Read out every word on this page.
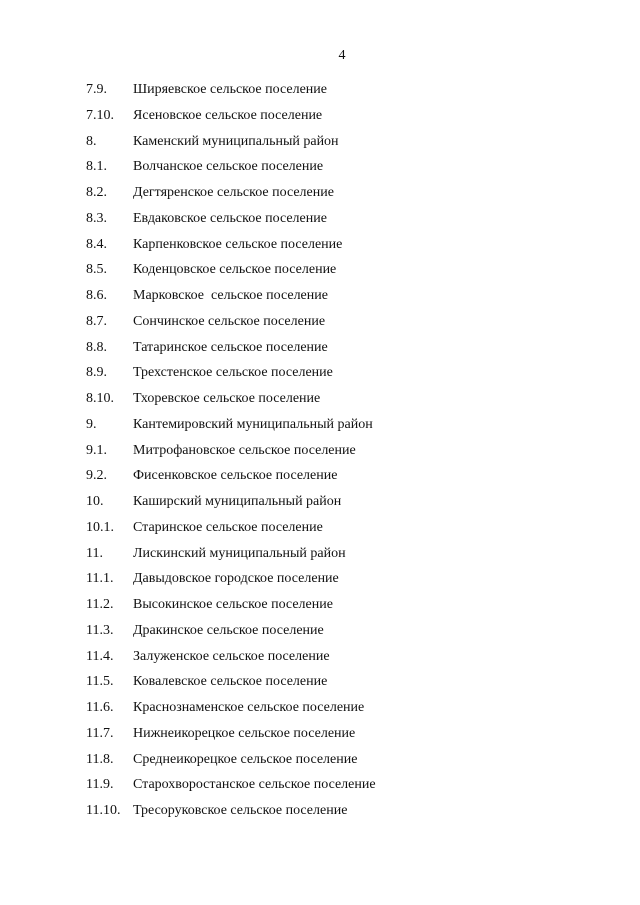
4
7.9. Ширяевское сельское поселение
7.10. Ясеновское сельское поселение
8.	Каменский муниципальный район
8.1. Волчанское сельское поселение
8.2. Дегтяренское сельское поселение
8.3. Евдаковское сельское поселение
8.4. Карпенковское сельское поселение
8.5. Коденцовское сельское поселение
8.6. Марковское  сельское поселение
8.7. Сончинское сельское поселение
8.8. Татаринское сельское поселение
8.9. Трехстенское сельское поселение
8.10. Тхоревское сельское поселение
9.	Кантемировский муниципальный район
9.1. Митрофановское сельское поселение
9.2. Фисенковское сельское поселение
10. Каширский муниципальный район
10.1. Старинское сельское поселение
11. Лискинский муниципальный район
11.1. Давыдовское городское поселение
11.2. Высокинское сельское поселение
11.3. Дракинское сельское поселение
11.4. Залуженское сельское поселение
11.5. Ковалевское сельское поселение
11.6. Краснознаменское сельское поселение
11.7. Нижнеикорецкое сельское поселение
11.8. Среднеикорецкое сельское поселение
11.9. Старохворостанское сельское поселение
11.10. Тресоруковское сельское поселение
